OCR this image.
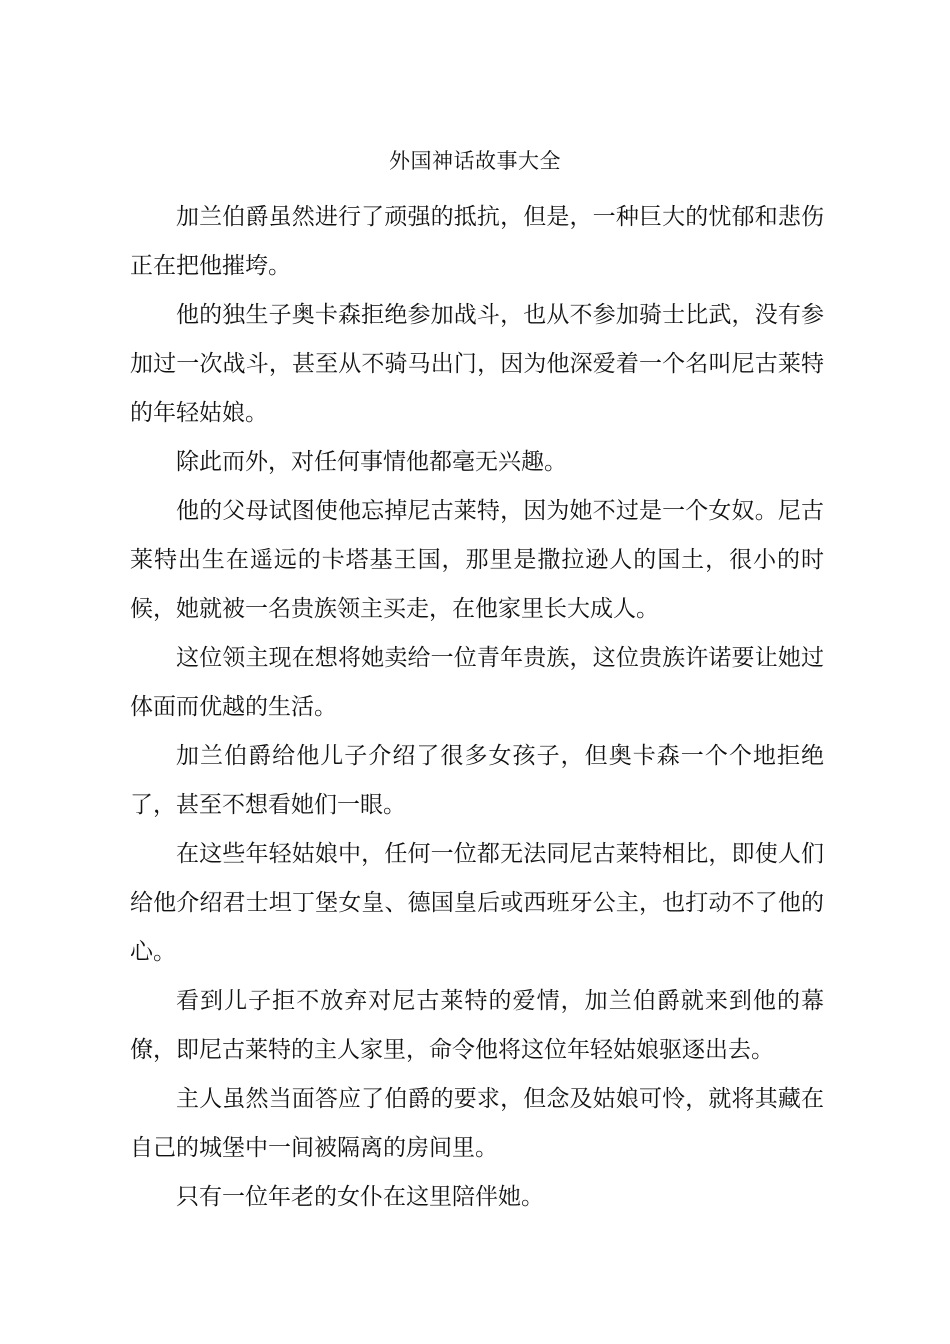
外国神话故事大全

加兰伯爵虽然进行了顽强的抵抗，但是，一种巨大的忧郁和悲伤正在把他摧垮。

他的独生子奥卡森拒绝参加战斗，也从不参加骑士比武，没有参加过一次战斗，甚至从不骑马出门，因为他深爱着一个名叫尼古莱特的年轻姑娘。

除此而外，对任何事情他都毫无兴趣。

他的父母试图使他忘掉尼古莱特，因为她不过是一个女奴。尼古莱特出生在遥远的卡塔基王国，那里是撒拉逊人的国土，很小的时候，她就被一名贵族领主买走，在他家里长大成人。

这位领主现在想将她卖给一位青年贵族，这位贵族许诺要让她过体面而优越的生活。

加兰伯爵给他儿子介绍了很多女孩子，但奥卡森一个个地拒绝了，甚至不想看她们一眼。

在这些年轻姑娘中，任何一位都无法同尼古莱特相比，即使人们给他介绍君士坦丁堡女皇、德国皇后或西班牙公主，也打动不了他的心。

看到儿子拒不放弃对尼古莱特的爱情，加兰伯爵就来到他的幕僚，即尼古莱特的主人家里，命令他将这位年轻姑娘驱逐出去。

主人虽然当面答应了伯爵的要求，但念及姑娘可怜，就将其藏在自己的城堡中一间被隔离的房间里。

只有一位年老的女仆在这里陪伴她。
